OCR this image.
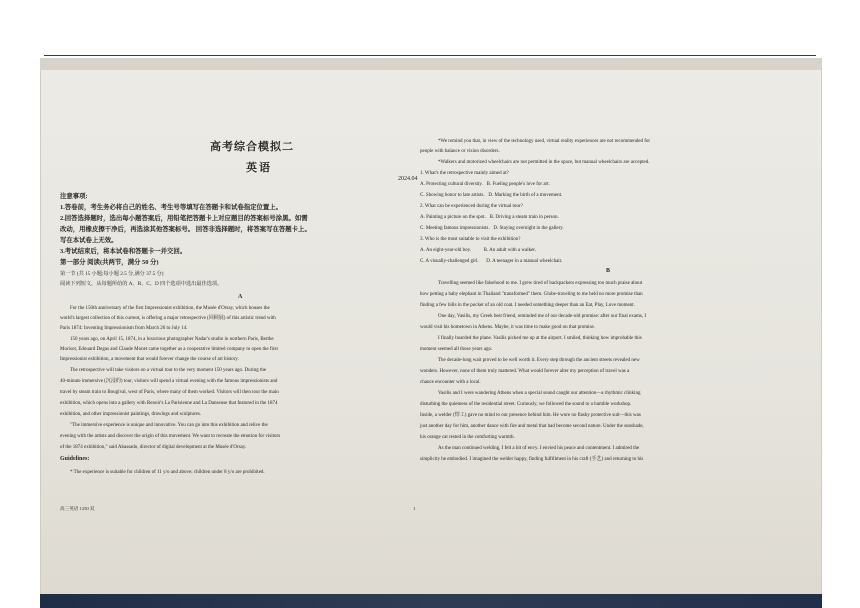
高考综合模拟二
英语
2024.04
注意事项:
1.答卷前，考生务必将自己的姓名、考生号等填写在答题卡和试卷指定位置上。
2.回答选择题时，选出每小题答案后，用铅笔把答题卡上对应题目的答案标号涂黑。如需
改动，用橡皮擦干净后，再选涂其他答案标号。 回答非选择题时，将答案写在答题卡上。
写在本试卷上无效。
3.考试结束后，将本试卷和答题卡一并交回。
第一部分 阅读(共两节，满分 50 分)
第一节 (共 15 小题;每小题 2.5 分,满分 37.5 分)
阅读下列短文，从每题所给的 A、B、C、D 四个选项中选出最佳选项。
A
For the 150th anniversary of the first Impressionist exhibition, the Musée d'Orsay, which houses the
world's largest collection of this current, is offering a major retrospective (回顾展) of this artistic trend with
Paris 1874: Inventing Impressionism from March 26 to July 14.
150 years ago, on April 15, 1874, in a luxurious photographer Nadar's studio in northern Paris, Berthe
Morisot, Edouard Degas and Claude Monet came together as a cooperative limited company to open the first
Impressionist exhibition, a movement that would forever change the course of art history.
The retrospective will take visitors on a virtual tour to the very moment 150 years ago. During the
40-minute immersive (沉浸的) tour, visitors will spend a virtual evening with the famous impressionists and
travel by steam train to Bougival, west of Paris, where many of them worked. Visitors will then tour the main
exhibition, which opens into a gallery with Renoir's La Parisienne and La Danseuse that featured in the 1874
exhibition, and other impressionist paintings, drawings and sculptures.
"The immersive experience is unique and innovative. You can go into this exhibition and relive the
evening with the artists and discover the origin of this movement. We want to recreate the emotion for visitors
of the 1874 exhibition," said Abassado, director of digital development at the Musée d'Orsay.
Guidelines:
* The experience is suitable for children of 11 y/o and above; children under 8 y/o are prohibited.
高三英语 1250 双	1
*We remind you that, in view of the technology used, virtual reality experiences are not recommended for
people with balance or vision disorders.
*Walkers and motorized wheelchairs are not permitted in the space, but manual wheelchairs are accepted.
1. What's the retrospective mainly aimed at?
A. Protecting cultural diversity.   B. Fueling people's love for art.
C. Showing honor to late artists.   D. Marking the birth of a movement.
2. What can be experienced during the virtual tour?
A. Painting a picture on the spot.   B. Driving a steam train in person.
C. Meeting famous impressionists.   D. Staying overnight in the gallery.
3. Who is the most suitable to visit the exhibition?
A. An eight-year-old boy.          B. An adult with a walker.
C. A visually-challenged girl.      D. A teenager in a manual wheelchair.
B
Travelling seemed like falsehood to me. I grew tired of backpackers expressing too much praise about
how petting a baby elephant in Thailand "transformed" them. Globe-traveling to me held no more promise than
finding a few bills in the pocket of an old coat. I needed something deeper than an Eat, Play, Love moment.
One day, Vasilis, my Greek best friend, reminded me of our decade-old promise: after our final exams, I
would visit his hometown in Athens. Maybe, it was time to make good on that promise.
I finally boarded the plane. Vasilis picked me up at the airport. I smiled, thinking how improbable this
moment seemed all those years ago.
The decade-long wait proved to be well worth it. Every step through the ancient streets revealed new
wonders. However, none of them truly mattered. What would forever alter my perception of travel was a
chance encounter with a local.
Vasilis and I were wandering Athens when a special sound caught our attention—a rhythmic clinking
disturbing the quietness of the residential street. Curiously, we followed the sound to a humble workshop.
Inside, a welder (焊工) gave no mind to our presence behind him. He wore no flashy protective suit—this was
just another day for him, another dance with fire and metal that had become second nature. Under the sunshade,
his orange cat rested in the comforting warmth.
As the man continued welding, I felt a bit of envy. I envied his peace and contentment. I admired the
simplicity he embodied. I imagined the welder happy, finding fulfillment in his craft (手艺) and returning to his
